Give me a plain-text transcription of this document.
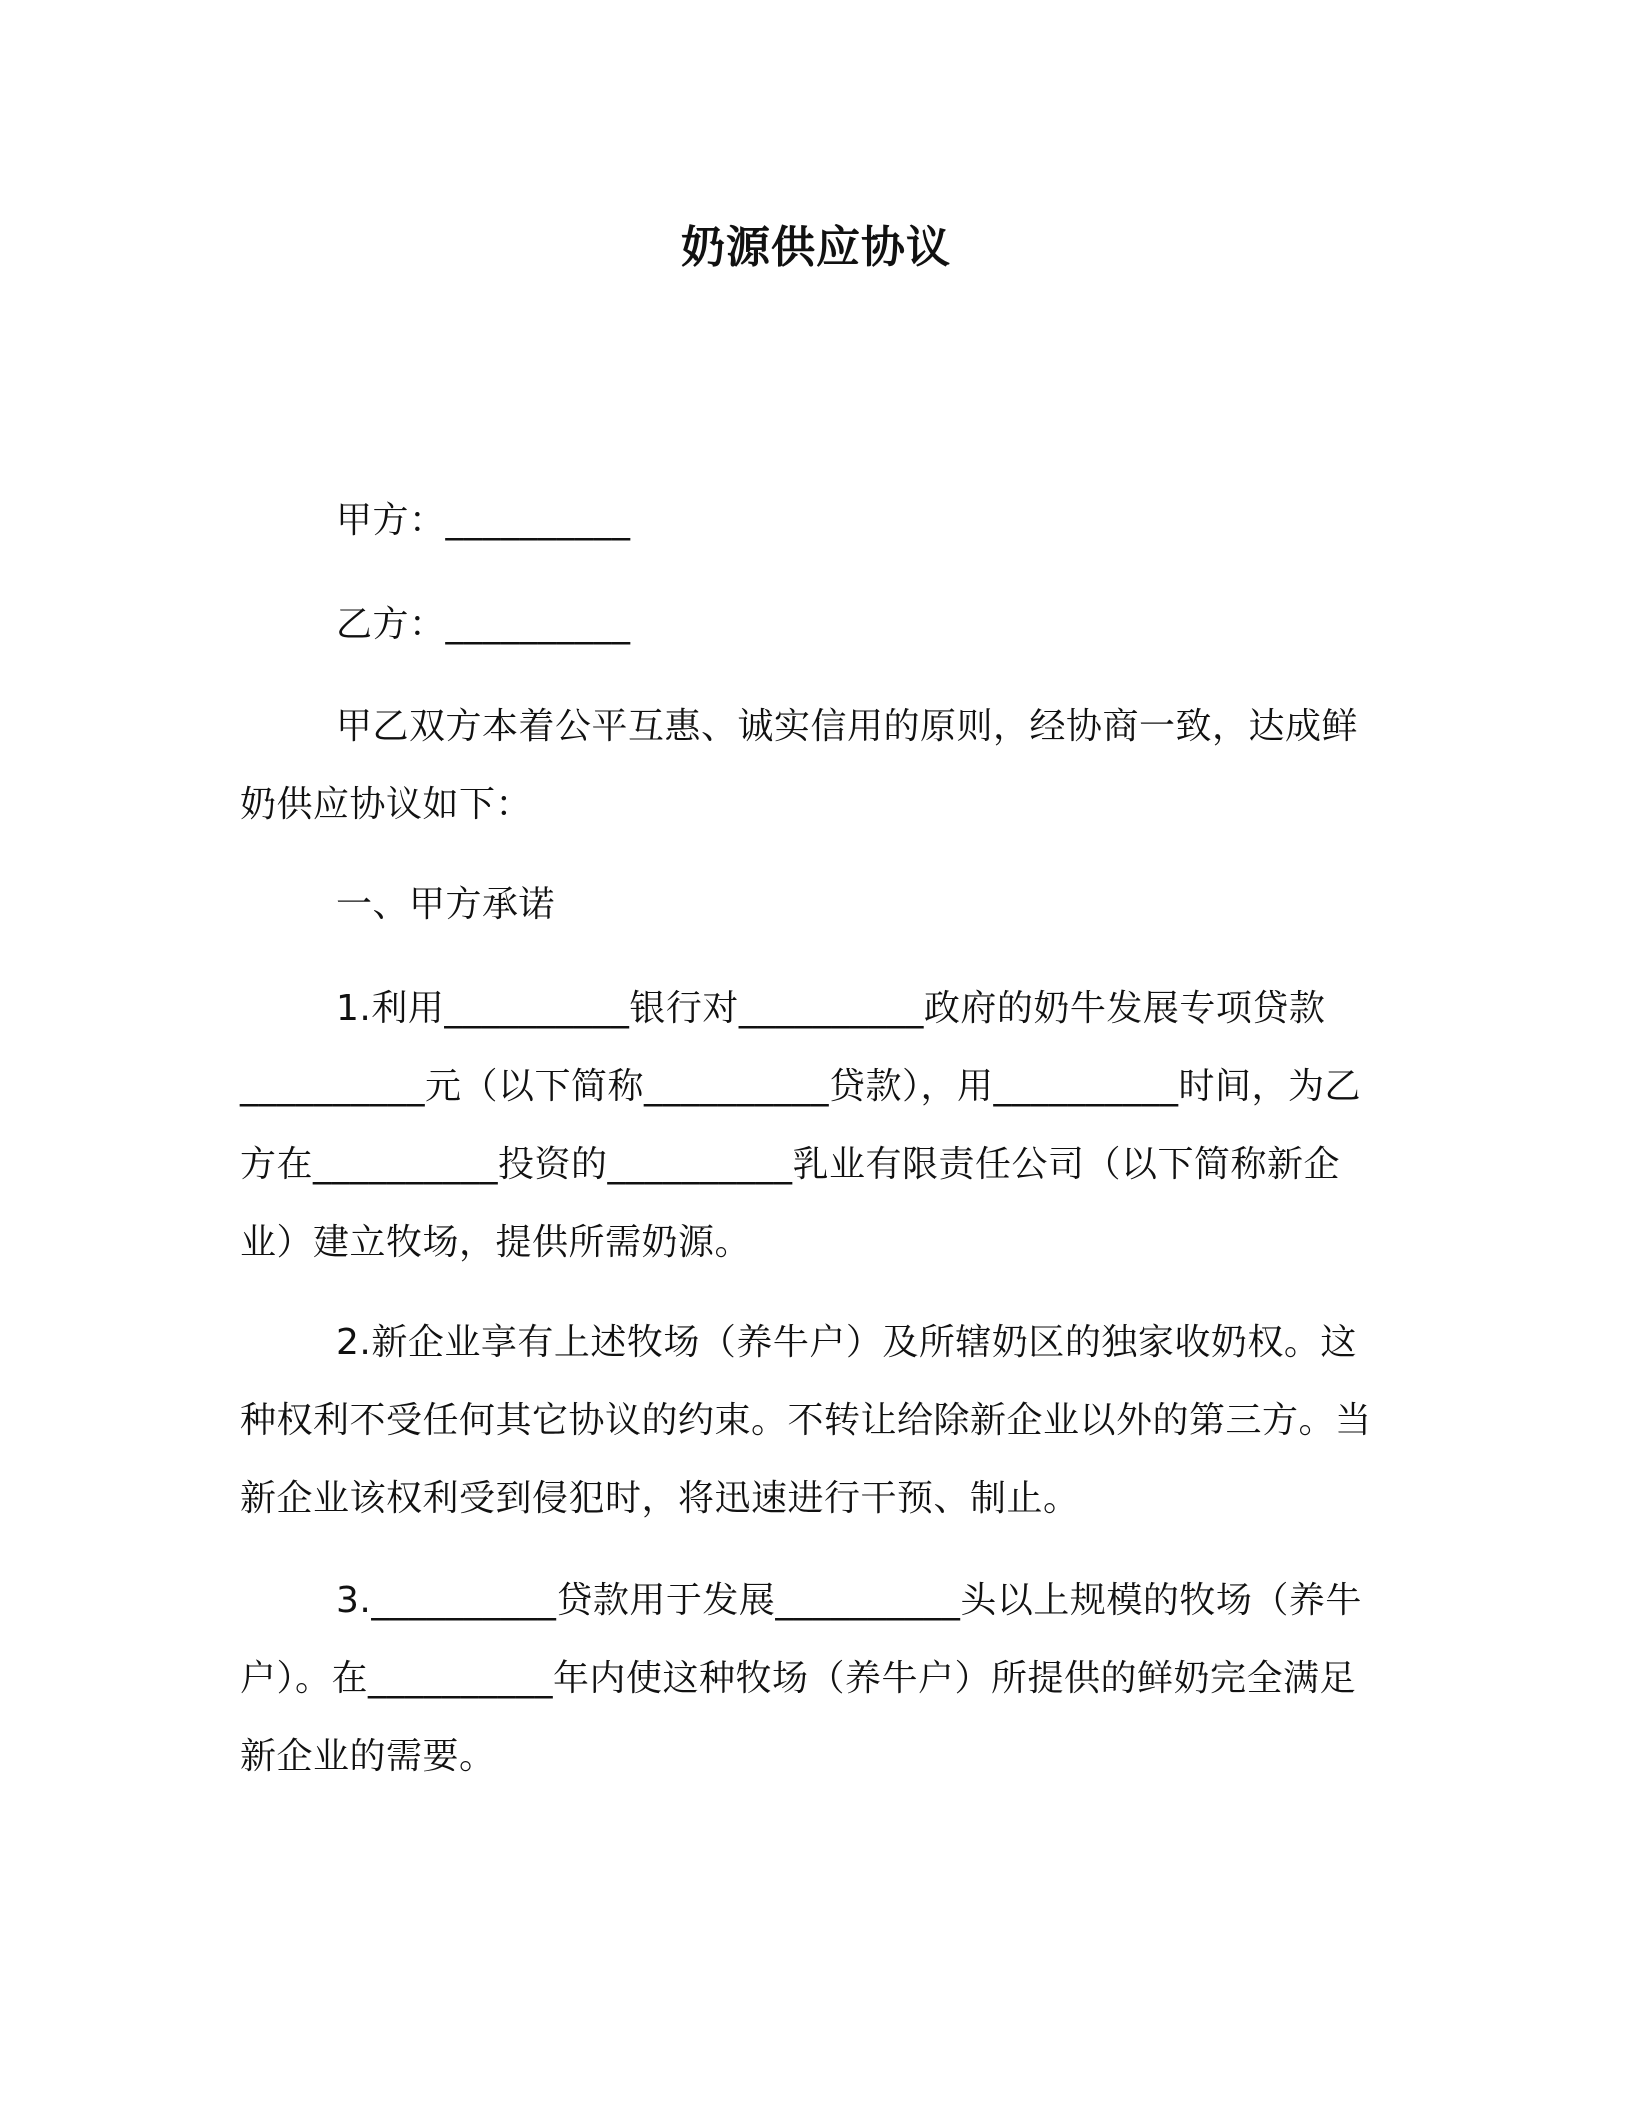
奶源供应协议

甲方：__________

乙方：__________

甲乙双方本着公平互惠、诚实信用的原则，经协商一致，达成鲜奶供应协议如下：

一、甲方承诺

1.利用__________银行对__________政府的奶牛发展专项贷款__________元（以下简称__________贷款），用__________时间，为乙方在__________投资的__________乳业有限责任公司（以下简称新企业）建立牧场，提供所需奶源。

2.新企业享有上述牧场（养牛户）及所辖奶区的独家收奶权。这种权利不受任何其它协议的约束。不转让给除新企业以外的第三方。当新企业该权利受到侵犯时，将迅速进行干预、制止。

3.__________贷款用于发展__________头以上规模的牧场（养牛户）。在__________年内使这种牧场（养牛户）所提供的鲜奶完全满足新企业的需要。
